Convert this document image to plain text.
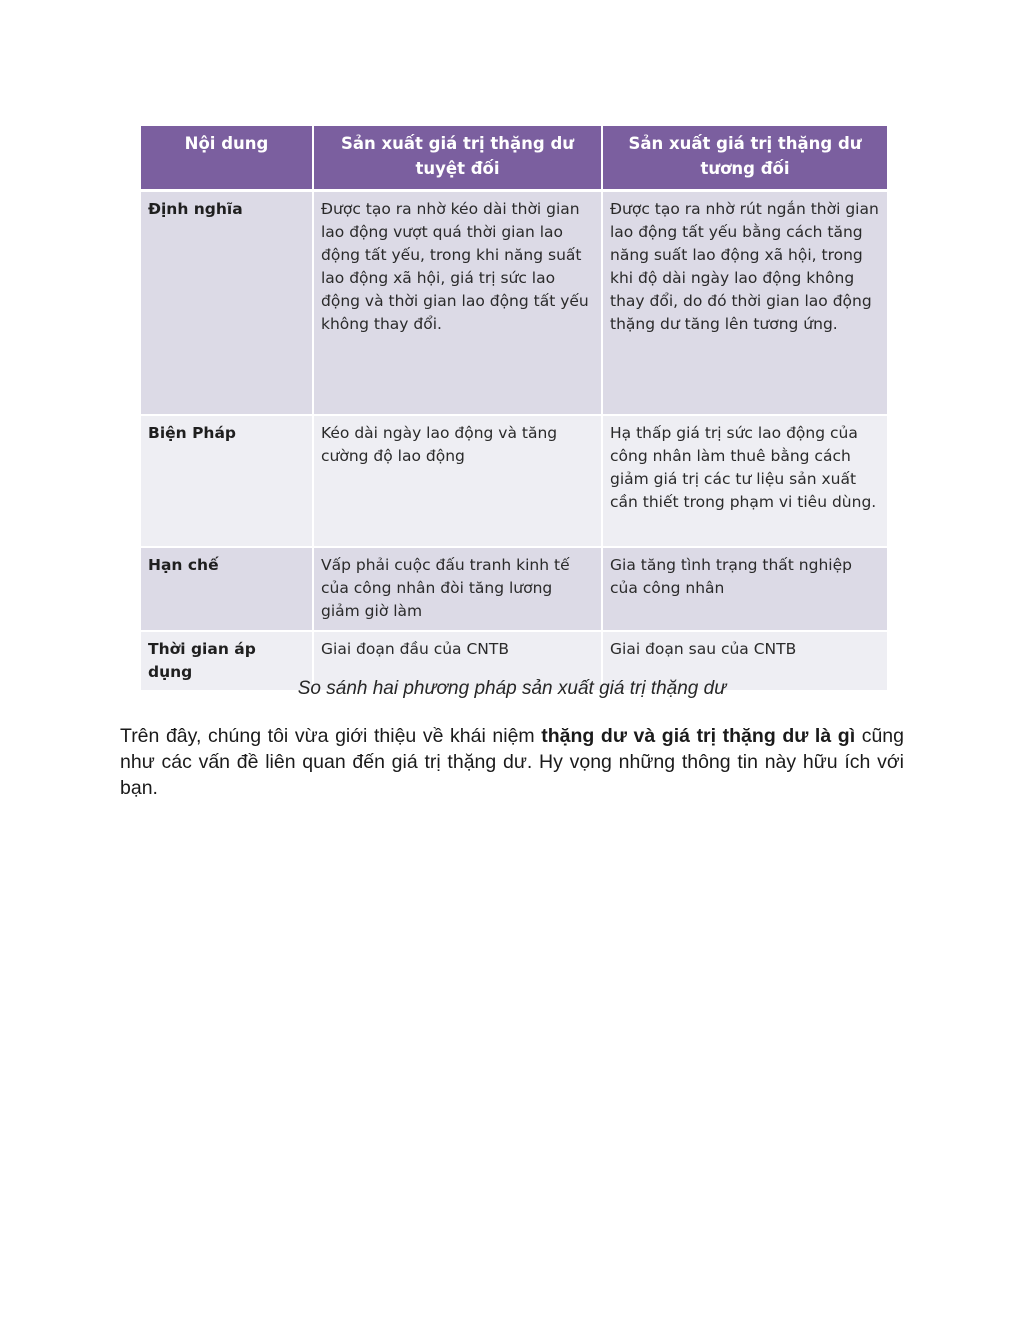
Nội dung	Sản xuất giá trị thặng dư tuyệt đối	Sản xuất giá trị thặng dư tương đối
Định nghĩa	Được tạo ra nhờ kéo dài thời gian lao động vượt quá thời gian lao động tất yếu, trong khi năng suất lao động xã hội, giá trị sức lao động và thời gian lao động tất yếu không thay đổi.	Được tạo ra nhờ rút ngắn thời gian lao động tất yếu bằng cách tăng năng suất lao động xã hội, trong khi độ dài ngày lao động không thay đổi, do đó thời gian lao động thặng dư tăng lên tương ứng.
Biện Pháp	Kéo dài ngày lao động và tăng cường độ lao động	Hạ thấp giá trị sức lao động của công nhân làm thuê bằng cách giảm giá trị các tư liệu sản xuất cần thiết trong phạm vi tiêu dùng.
Hạn chế	Vấp phải cuộc đấu tranh kinh tế của công nhân đòi tăng lương giảm giờ làm	Gia tăng tình trạng thất nghiệp của công nhân
Thời gian áp dụng	Giai đoạn đầu của CNTB	Giai đoạn sau của CNTB
So sánh hai phương pháp sản xuất giá trị thặng dư

Trên đây, chúng tôi vừa giới thiệu về khái niệm thặng dư và giá trị thặng dư là gì cũng như các vấn đề liên quan đến giá trị thặng dư. Hy vọng những thông tin này hữu ích với bạn.
